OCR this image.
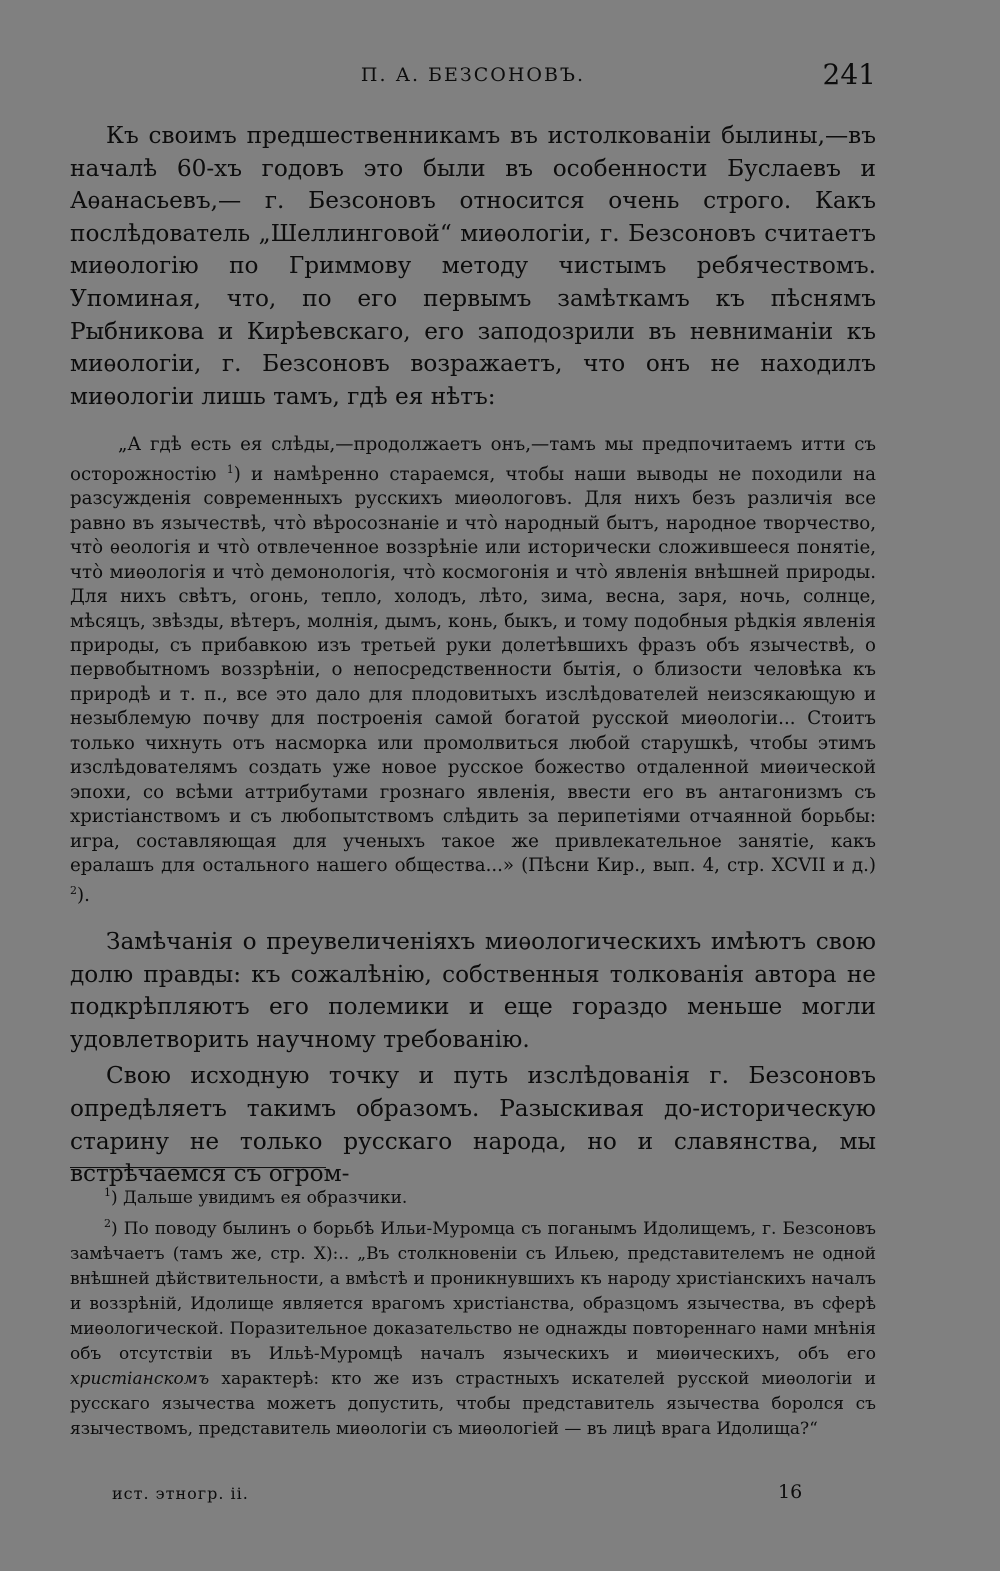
П. А. БЕЗСОНОВЪ.	241

Къ своимъ предшественникамъ въ истолкованіи былины,—въ началѣ 60-хъ годовъ это были въ особенности Буслаевъ и Аѳанасьевъ,— г. Безсоновъ относится очень строго. Какъ послѣдователь „Шеллинговой“ миѳологіи, г. Безсоновъ считаетъ миѳологію по Гриммову методу чистымъ ребячествомъ. Упоминая, что, по его первымъ замѣткамъ къ пѣснямъ Рыбникова и Кирѣевскаго, его заподозрили въ невниманіи къ миѳологіи, г. Безсоновъ возражаетъ, что онъ не находилъ миѳологіи лишь тамъ, гдѣ ея нѣтъ:

„А гдѣ есть ея слѣды,—продолжаетъ онъ,—тамъ мы предпочитаемъ итти съ осторожностію $^1$) и намѣренно стараемся, чтобы наши выводы не походили на разсужденія современныхъ русскихъ миѳологовъ. Для нихъ безъ различія все равно въ язычествѣ, что̀ вѣросознаніе и что̀ народный бытъ, народное творчество, что̀ ѳеологія и что̀ отвлеченное воззрѣніе или исторически сложившееся понятіе, что̀ миѳологія и что̀ демонологія, что̀ космогонія и что̀ явленія внѣшней природы. Для нихъ свѣтъ, огонь, тепло, холодъ, лѣто, зима, весна, заря, ночь, солнце, мѣсяцъ, звѣзды, вѣтеръ, молнія, дымъ, конь, быкъ, и тому подобныя рѣдкія явленія природы, съ прибавкою изъ третьей руки долетѣвшихъ фразъ объ язычествѣ, о первобытномъ воззрѣніи, о непосредственности бытія, о близости человѣка къ природѣ и т. п., все это дало для плодовитыхъ изслѣдователей неизсякающую и незыблемую почву для построенія самой богатой русской миѳологіи... Стоитъ только чихнуть отъ насморка или промолвиться любой старушкѣ, чтобы этимъ изслѣдователямъ создать уже новое русское божество отдаленной миѳической эпохи, со всѣми аттрибутами грознаго явленія, ввести его въ антагонизмъ съ христіанствомъ и съ любопытствомъ слѣдить за перипетіями отчаянной борьбы: игра, составляющая для ученыхъ такое же привлекательное занятіе, какъ ералашъ для остального нашего общества...» (Пѣсни Кир., вып. 4, стр. XCVII и д.) $^2$).

Замѣчанія о преувеличеніяхъ миѳологическихъ имѣютъ свою долю правды: къ сожалѣнію, собственныя толкованія автора не подкрѣпляютъ его полемики и еще гораздо меньше могли удовлетворить научному требованію.

Свою исходную точку и путь изслѣдованія г. Безсоновъ опредѣляетъ такимъ образомъ. Разыскивая до-историческую старину не только русскаго народа, но и славянства, мы встрѣчаемся съ огром-

$^1$) Дальше увидимъ ея образчики.

$^2$) По поводу былинъ о борьбѣ Ильи-Муромца съ поганымъ Идолищемъ, г. Безсоновъ замѣчаетъ (тамъ же, стр. X):.. „Въ столкновеніи съ Ильею, представителемъ не одной внѣшней дѣйствительности, а вмѣстѣ и проникнувшихъ къ народу христіанскихъ началъ и воззрѣній, Идолище является врагомъ христіанства, образцомъ язычества, въ сферѣ миѳологической. Поразительное доказательство не однажды повтореннаго нами мнѣнія объ отсутствіи въ Ильѣ-Муромцѣ началъ языческихъ и миѳическихъ, объ его христіанскомъ характерѣ: кто же изъ страстныхъ искателей русской миѳологіи и русскаго язычества можетъ допустить, чтобы представитель язычества боролся съ язычествомъ, представитель миѳологіи съ миѳологіей — въ лицѣ врага Идолища?“

ист. этногр. ii.	16
